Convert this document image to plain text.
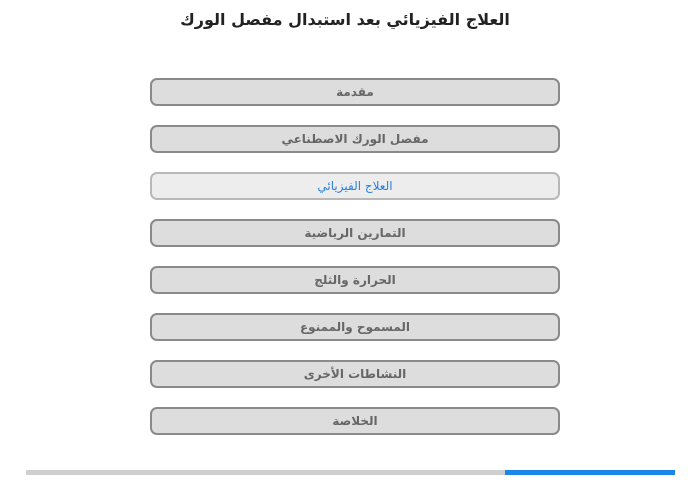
العلاج الفيزيائي بعد استبدال مفصل الورك
مقدمة
مفصل الورك الاصطناعي
العلاج الفيزيائي
التمارين الرياضية
الحرارة والثلج
المسموح والممنوع
النشاطات الأخرى
الخلاصة
